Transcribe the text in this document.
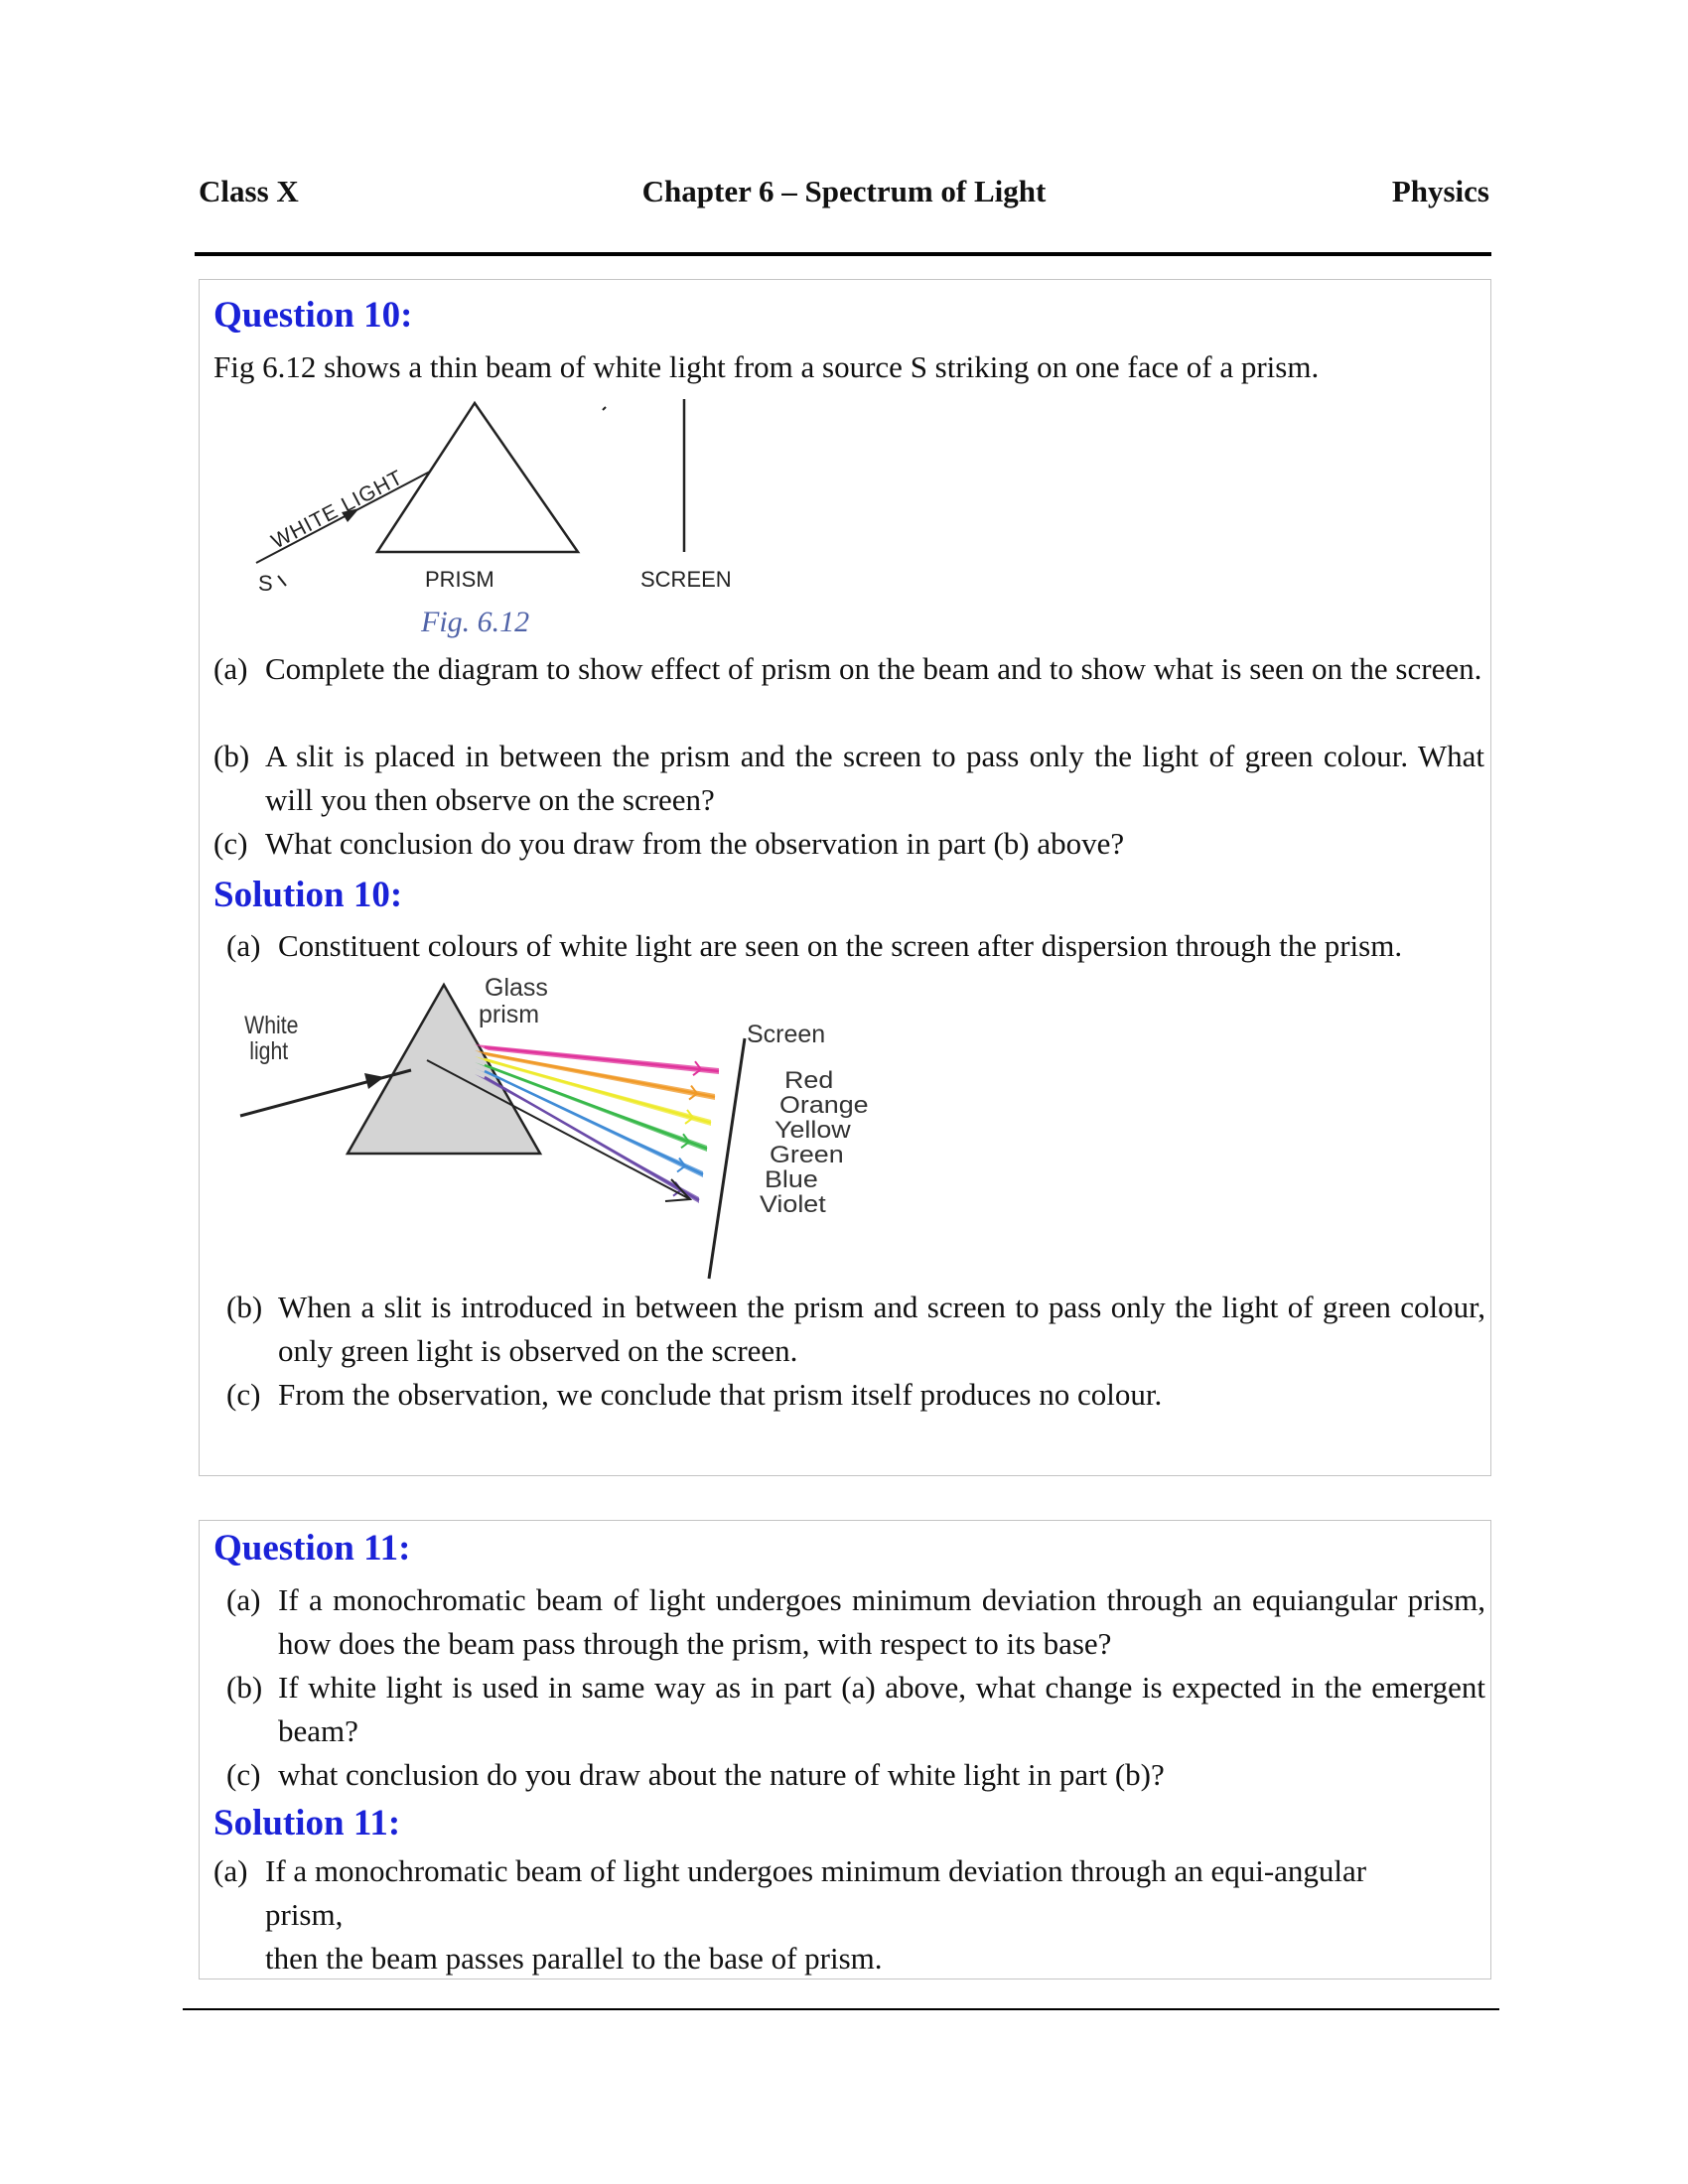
Class X	Chapter 6 – Spectrum of Light	Physics
Question 10:
Fig 6.12 shows a thin beam of white light from a source S striking on one face of a prism.
WHITE LIGHT
S	PRISM	SCREEN
Fig. 6.12
(a) Complete the diagram to show effect of prism on the beam and to show what is seen on the screen.
(b) A slit is placed in between the prism and the screen to pass only the light of green colour. What will you then observe on the screen?
(c) What conclusion do you draw from the observation in part (b) above?
Solution 10:
(a) Constituent colours of white light are seen on the screen after dispersion through the prism.
White
light
Glass
prism
Screen
Red
Orange
Yellow
Green
Blue
Violet
(b) When a slit is introduced in between the prism and screen to pass only the light of green colour, only green light is observed on the screen.
(c) From the observation, we conclude that prism itself produces no colour.
Question 11:
(a) If a monochromatic beam of light undergoes minimum deviation through an equiangular prism, how does the beam pass through the prism, with respect to its base?
(b) If white light is used in same way as in part (a) above, what change is expected in the emergent beam?
(c) what conclusion do you draw about the nature of white light in part (b)?
Solution 11:
(a) If a monochromatic beam of light undergoes minimum deviation through an equi-angular
prism,
then the beam passes parallel to the base of prism.
